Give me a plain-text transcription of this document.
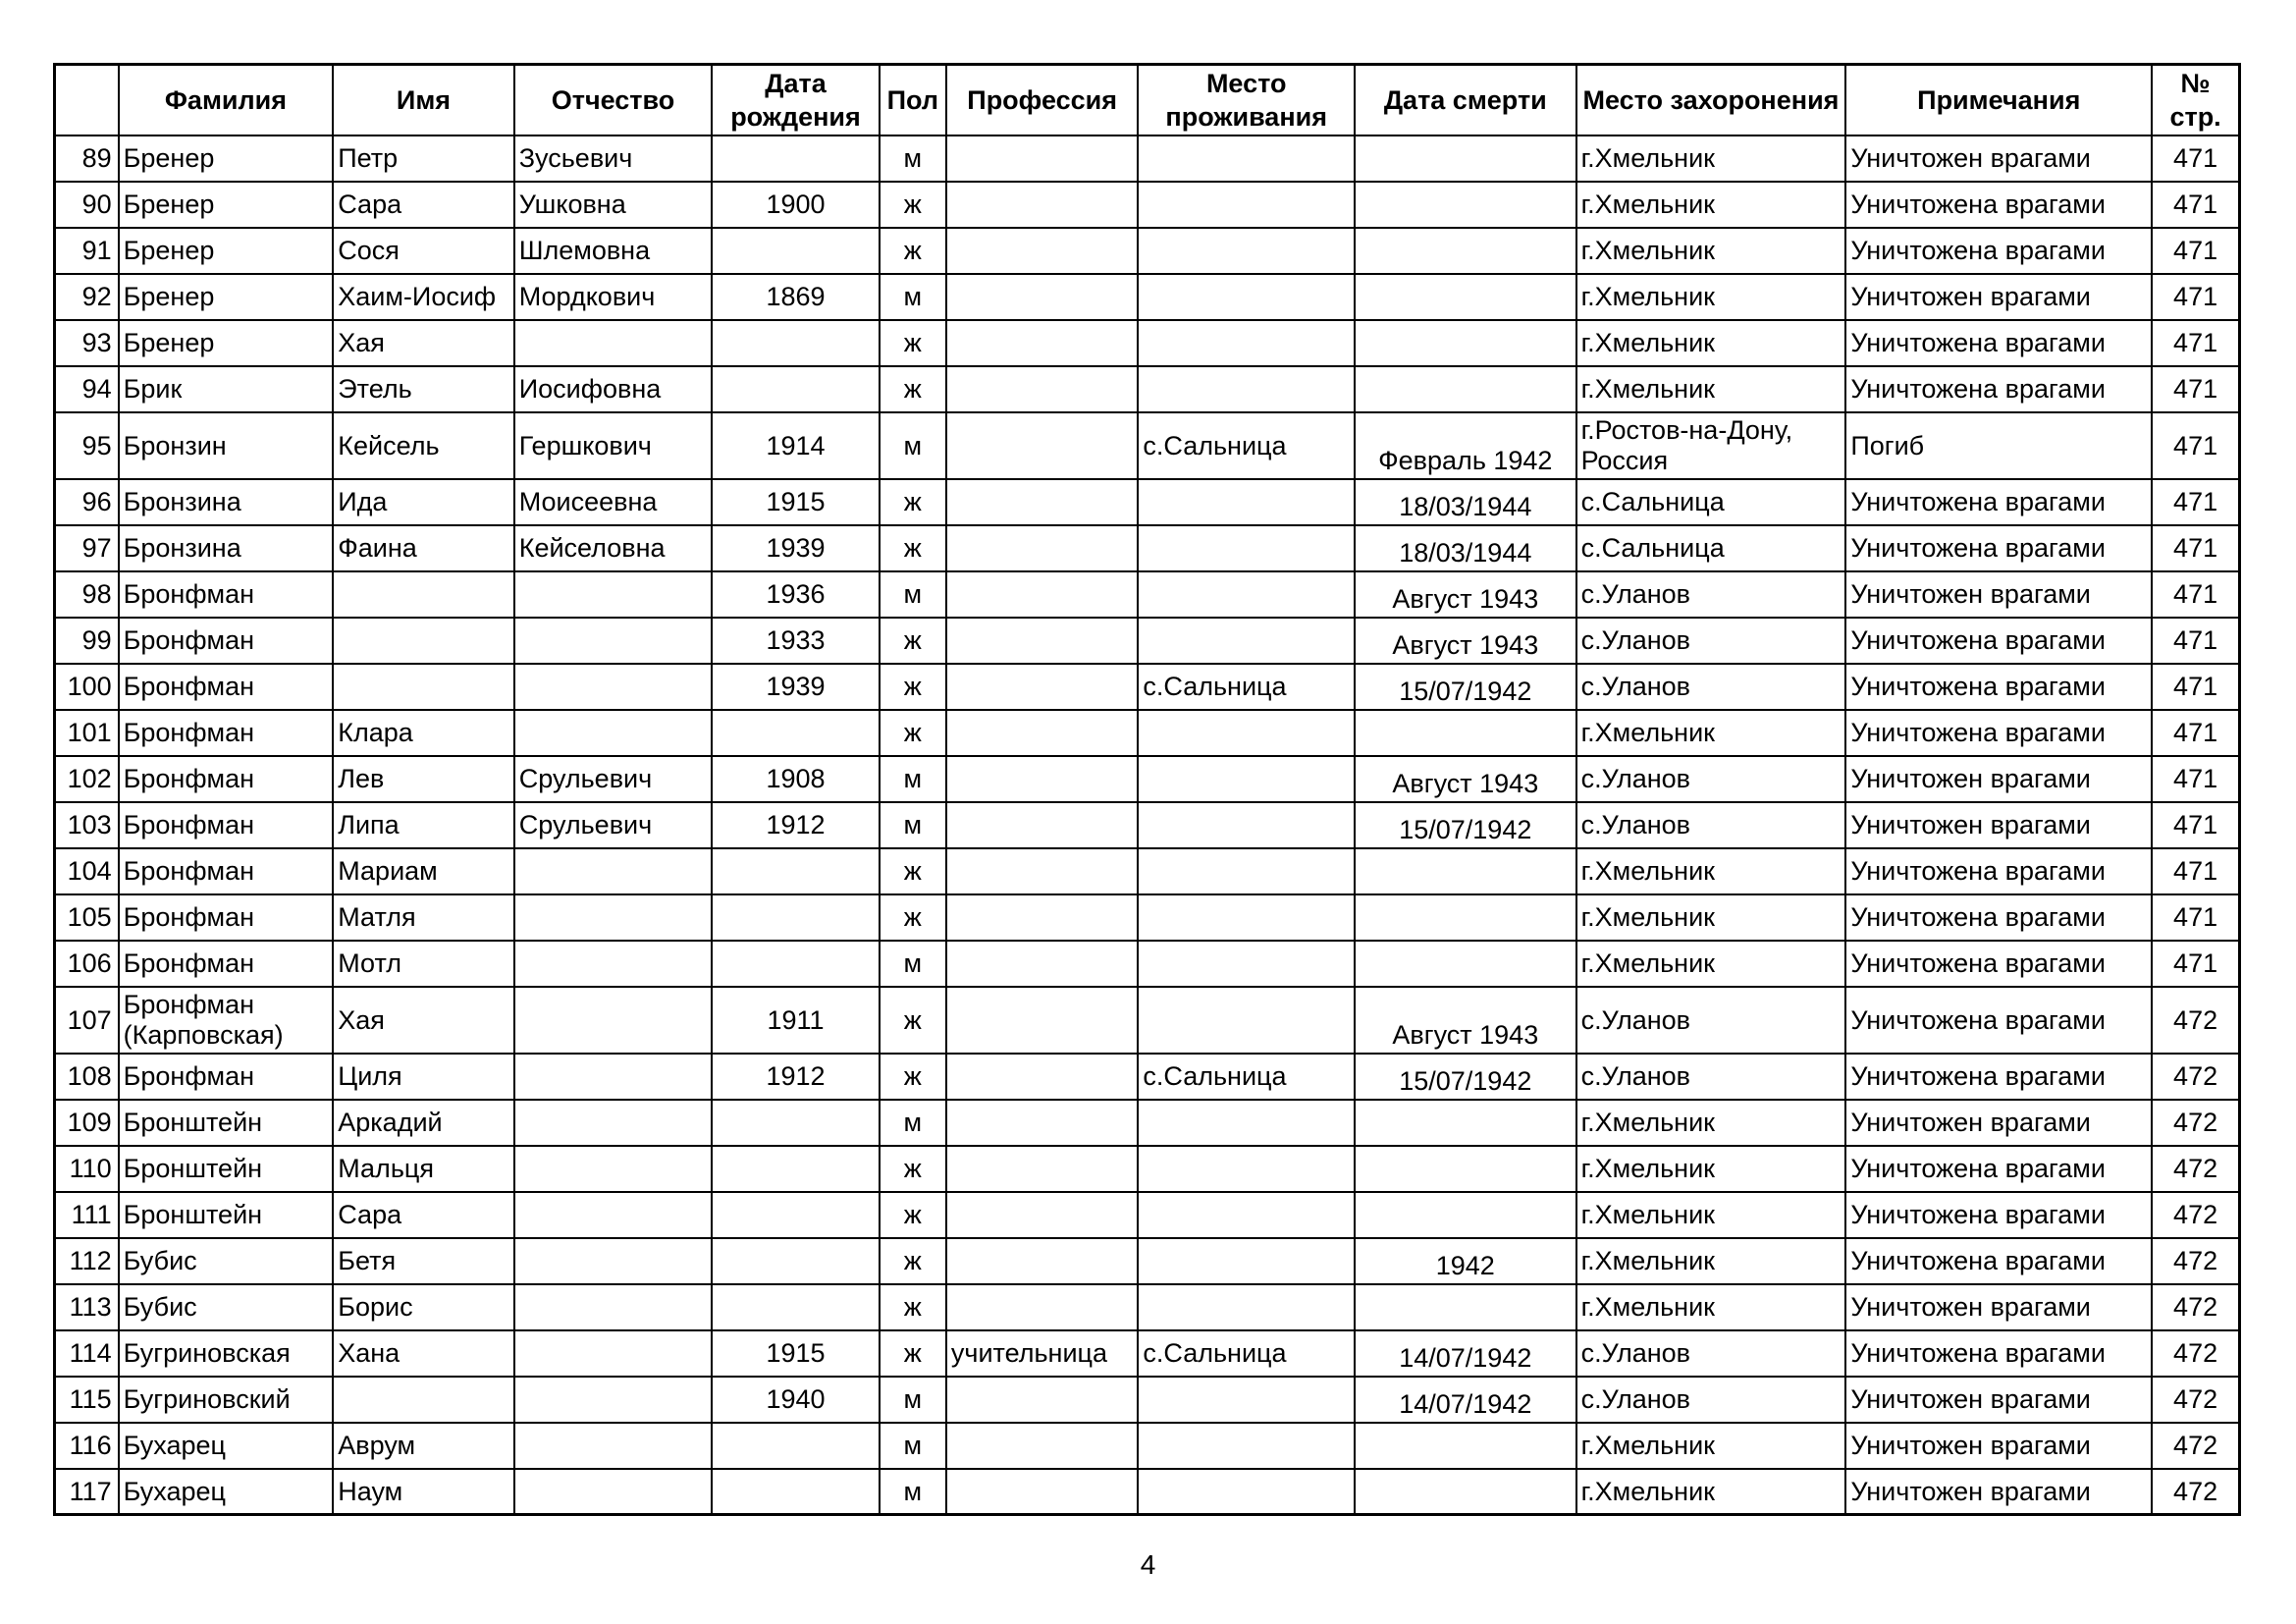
	Фамилия	Имя	Отчество	Дата рождения	Пол	Профессия	Место проживания	Дата смерти	Место захоронения	Примечания	№ стр.
89	Бренер	Петр	Зусьевич		м				г.Хмельник	Уничтожен врагами	471
90	Бренер	Сара	Ушковна	1900	ж				г.Хмельник	Уничтожена врагами	471
91	Бренер	Сося	Шлемовна		ж				г.Хмельник	Уничтожена врагами	471
92	Бренер	Хаим-Иосиф	Мордкович	1869	м				г.Хмельник	Уничтожен врагами	471
93	Бренер	Хая			ж				г.Хмельник	Уничтожена врагами	471
94	Брик	Этель	Иосифовна		ж				г.Хмельник	Уничтожена врагами	471
95	Бронзин	Кейсель	Гершкович	1914	м		с.Сальница	Февраль 1942	г.Ростов-на-Дону, Россия	Погиб	471
96	Бронзина	Ида	Моисеевна	1915	ж			18/03/1944	с.Сальница	Уничтожена врагами	471
97	Бронзина	Фаина	Кейселовна	1939	ж			18/03/1944	с.Сальница	Уничтожена врагами	471
98	Бронфман			1936	м			Август 1943	с.Уланов	Уничтожен врагами	471
99	Бронфман			1933	ж			Август 1943	с.Уланов	Уничтожена врагами	471
100	Бронфман			1939	ж		с.Сальница	15/07/1942	с.Уланов	Уничтожена врагами	471
101	Бронфман	Клара			ж				г.Хмельник	Уничтожена врагами	471
102	Бронфман	Лев	Срульевич	1908	м			Август 1943	с.Уланов	Уничтожен врагами	471
103	Бронфман	Липа	Срульевич	1912	м			15/07/1942	с.Уланов	Уничтожен врагами	471
104	Бронфман	Мариам			ж				г.Хмельник	Уничтожена врагами	471
105	Бронфман	Матля			ж				г.Хмельник	Уничтожена врагами	471
106	Бронфман	Мотл			м				г.Хмельник	Уничтожена врагами	471
107	Бронфман (Карповская)	Хая		1911	ж			Август 1943	с.Уланов	Уничтожена врагами	472
108	Бронфман	Циля		1912	ж		с.Сальница	15/07/1942	с.Уланов	Уничтожена врагами	472
109	Бронштейн	Аркадий			м				г.Хмельник	Уничтожен врагами	472
110	Бронштейн	Мальця			ж				г.Хмельник	Уничтожена врагами	472
111	Бронштейн	Сара			ж				г.Хмельник	Уничтожена врагами	472
112	Бубис	Бетя			ж			1942	г.Хмельник	Уничтожена врагами	472
113	Бубис	Борис			ж				г.Хмельник	Уничтожен врагами	472
114	Бугриновская	Хана		1915	ж	учительница	с.Сальница	14/07/1942	с.Уланов	Уничтожена врагами	472
115	Бугриновский			1940	м			14/07/1942	с.Уланов	Уничтожен врагами	472
116	Бухарец	Аврум			м				г.Хмельник	Уничтожен врагами	472
117	Бухарец	Наум			м				г.Хмельник	Уничтожен врагами	472
4
